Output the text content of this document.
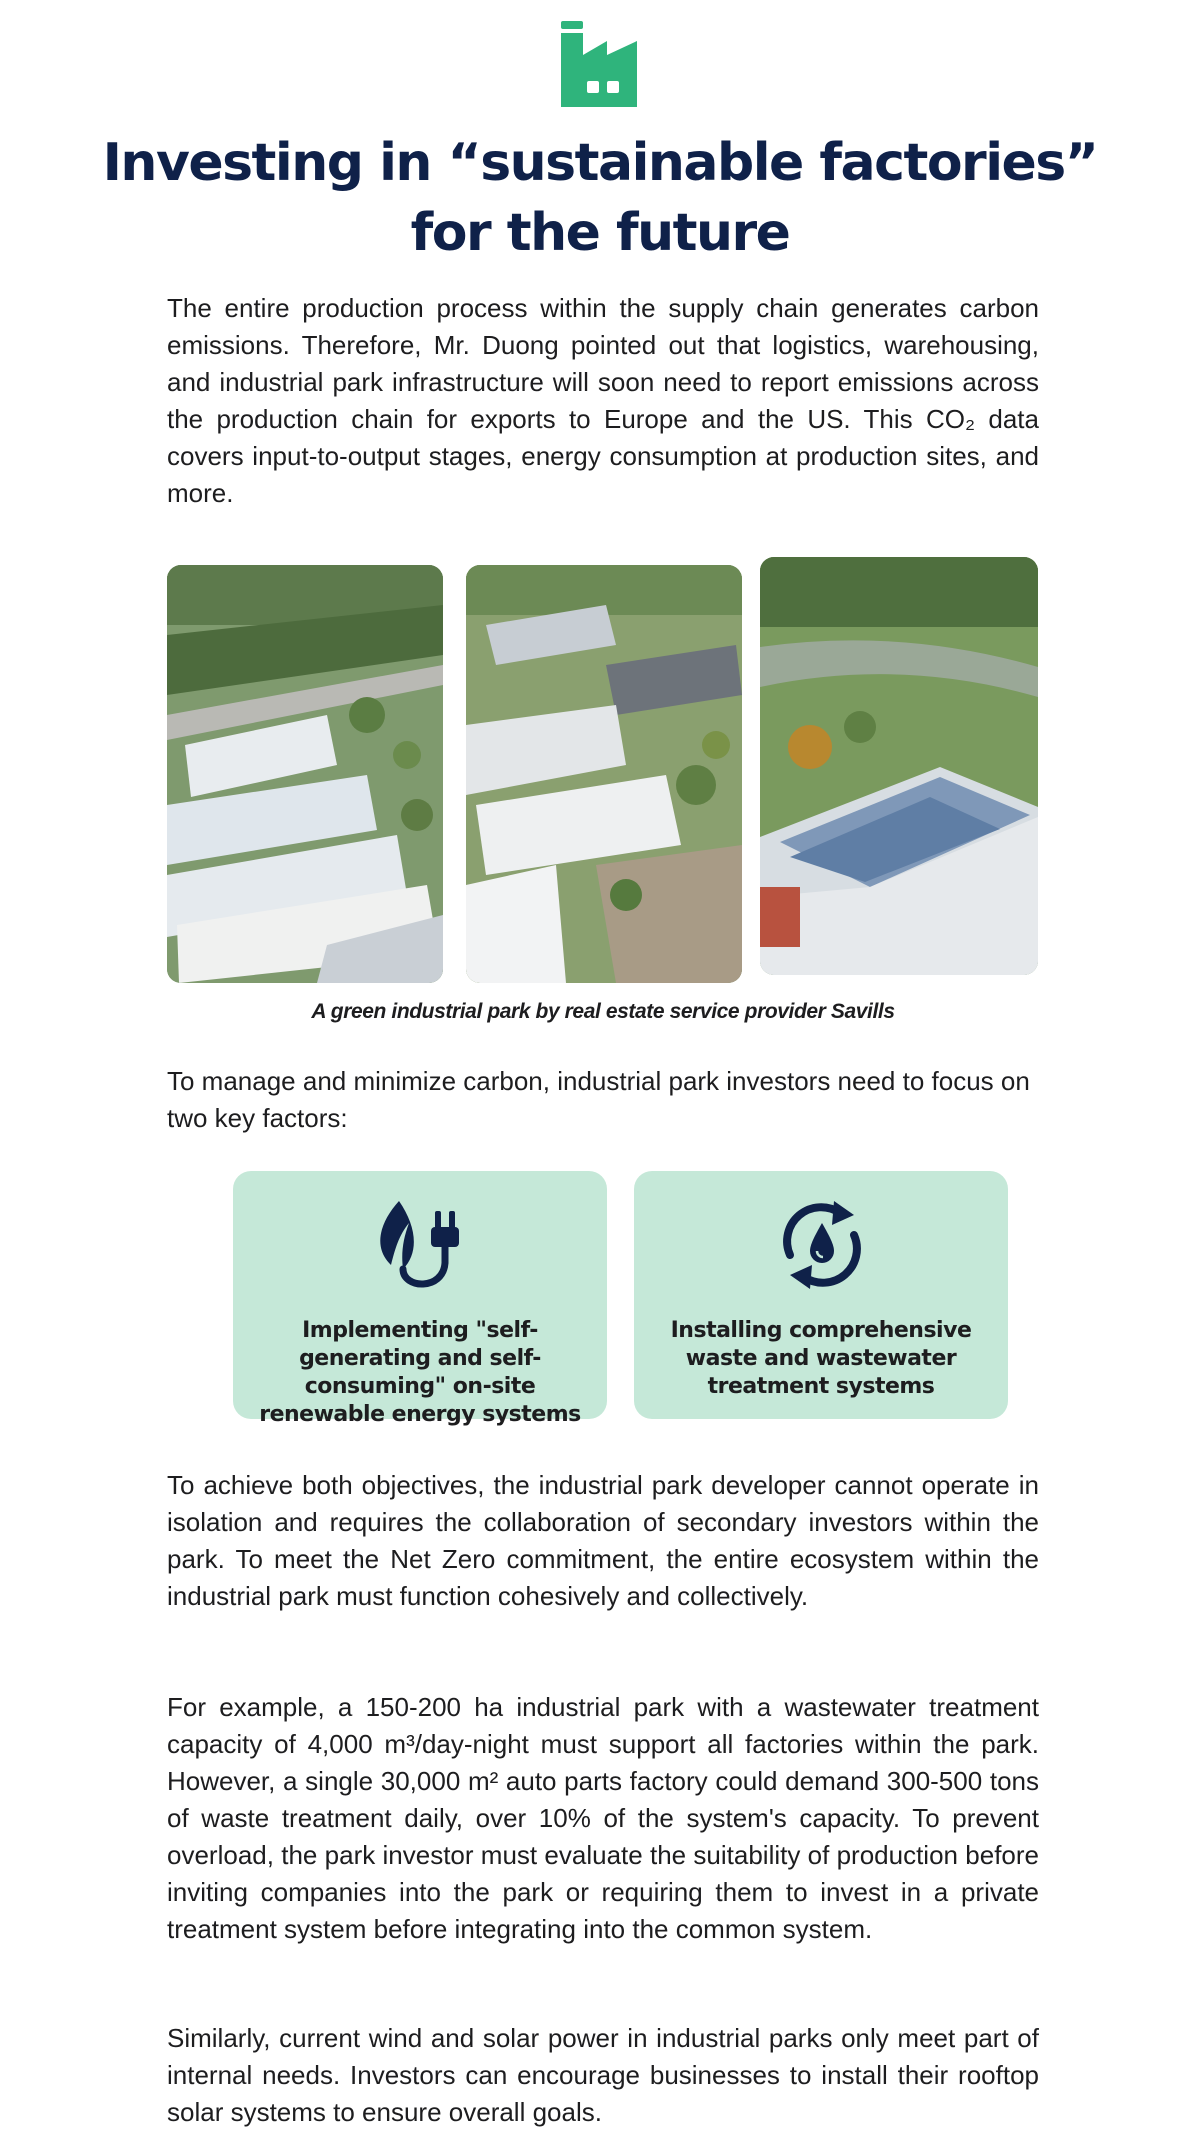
Investing in “sustainable factories”
for the future

The entire production process within the supply chain generates carbon emissions. Therefore, Mr. Duong pointed out that logistics, warehousing, and industrial park infrastructure will soon need to report emissions across the production chain for exports to Europe and the US. This CO₂ data covers input-to-output stages, energy consumption at production sites, and more.

A green industrial park by real estate service provider Savills

To manage and minimize carbon, industrial park investors need to focus on two key factors:

Implementing "self-generating and self-consuming" on-site renewable energy systems
Installing comprehensive waste and wastewater treatment systems

To achieve both objectives, the industrial park developer cannot operate in isolation and requires the collaboration of secondary investors within the park. To meet the Net Zero commitment, the entire ecosystem within the industrial park must function cohesively and collectively.

For example, a 150-200 ha industrial park with a wastewater treatment capacity of 4,000 m³/day-night must support all factories within the park. However, a single 30,000 m² auto parts factory could demand 300-500 tons of waste treatment daily, over 10% of the system's capacity. To prevent overload, the park investor must evaluate the suitability of production before inviting companies into the park or requiring them to invest in a private treatment system before integrating into the common system.

Similarly, current wind and solar power in industrial parks only meet part of internal needs. Investors can encourage businesses to install their rooftop solar systems to ensure overall goals.
